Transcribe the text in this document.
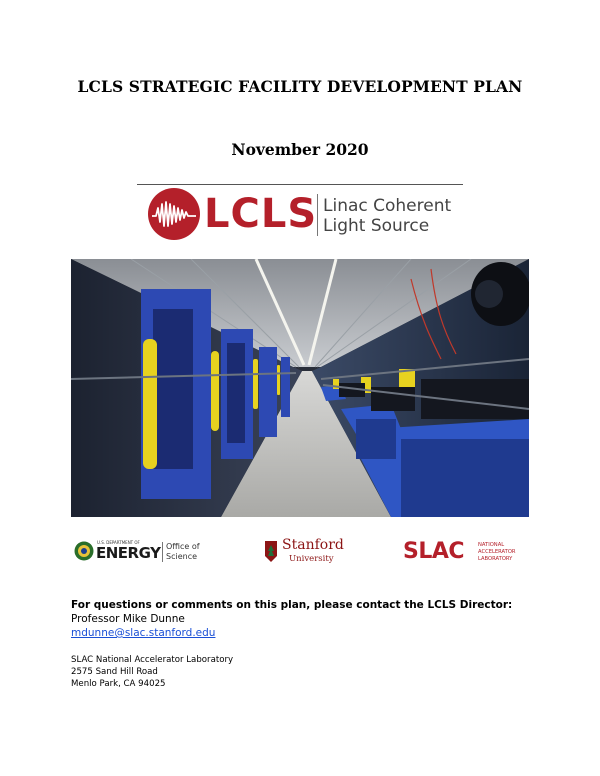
LCLS STRATEGIC FACILITY DEVELOPMENT PLAN
November 2020
LCLS Linac Coherent
Light Source
U.S. DEPARTMENT OF
ENERGY Office of
Science
Stanford
University	SLAC	NATIONAL
ACCELERATOR
LABORATORY
For questions or comments on this plan, please contact the LCLS Director:
Professor Mike Dunne
mdunne@slac.stanford.edu
SLAC National Accelerator Laboratory
2575 Sand Hill Road
Menlo Park, CA 94025
